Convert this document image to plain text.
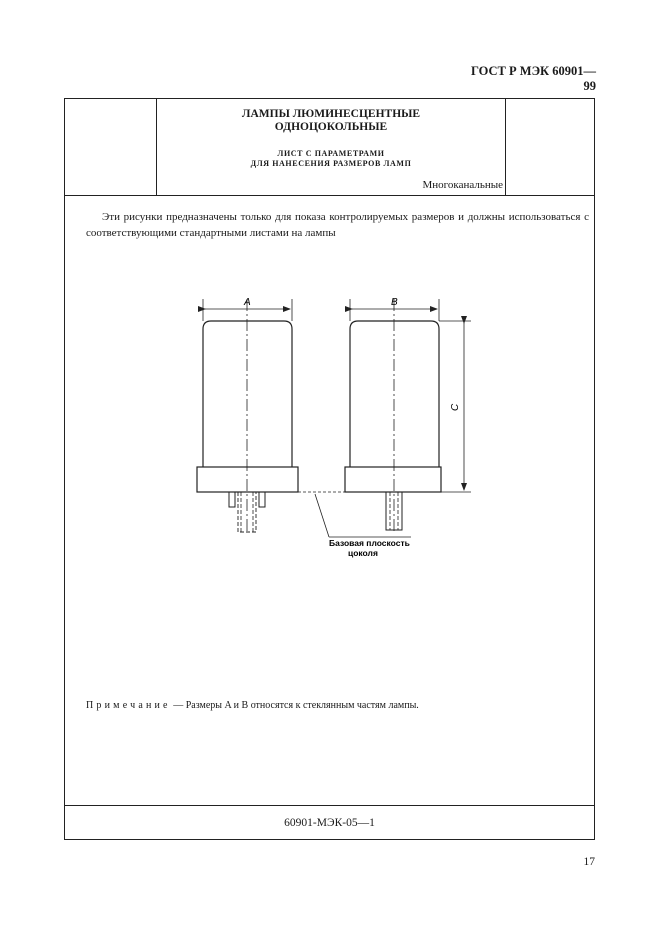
ГОСТ Р МЭК 60901—99
ЛАМПЫ ЛЮМИНЕСЦЕНТНЫЕ
ОДНОЦОКОЛЬНЫЕ
ЛИСТ С ПАРАМЕТРАМИ
ДЛЯ НАНЕСЕНИЯ РАЗМЕРОВ ЛАМП
Многоканальные
Эти рисунки предназначены только для показа контролируемых размеров и должны использоваться с соответствующими стандартными листами на лампы
A	B
C
Базовая плоскость
цоколя
Примечание — Размеры A и B относятся к стеклянным частям лампы.
60901-МЭК-05—1
17
